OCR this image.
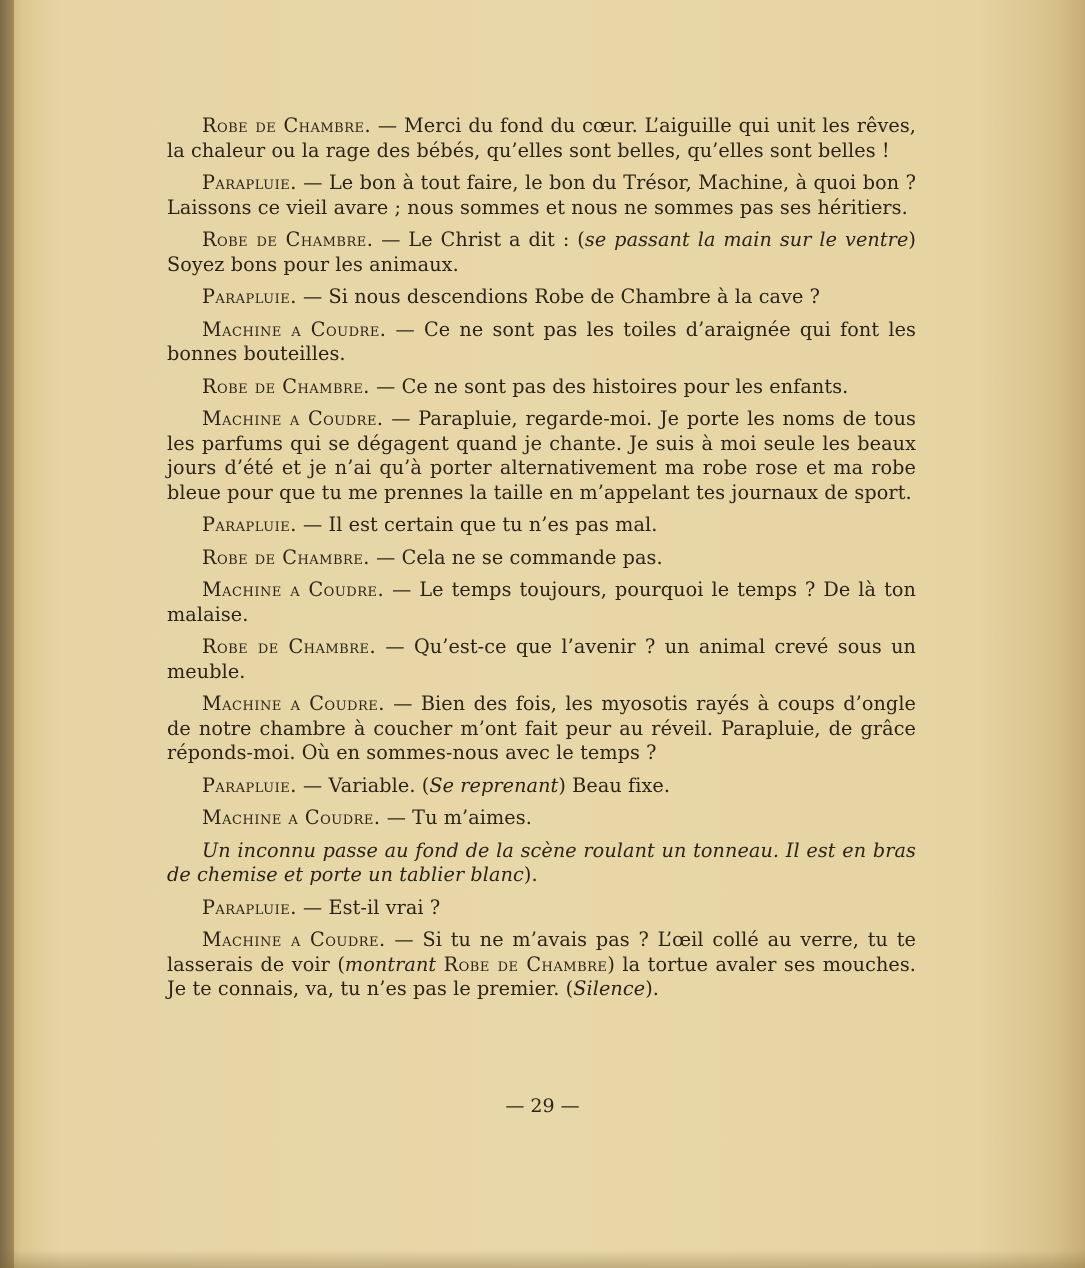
Robe de Chambre. — Merci du fond du cœur. L’aiguille qui unit les rêves, la chaleur ou la rage des bébés, qu’elles sont belles, qu’elles sont belles !

Parapluie. — Le bon à tout faire, le bon du Trésor, Machine, à quoi bon ? Laissons ce vieil avare ; nous sommes et nous ne sommes pas ses héritiers.

Robe de Chambre. — Le Christ a dit : (se passant la main sur le ventre) Soyez bons pour les animaux.

Parapluie. — Si nous descendions Robe de Chambre à la cave ?

Machine a Coudre. — Ce ne sont pas les toiles d’araignée qui font les bonnes bouteilles.

Robe de Chambre. — Ce ne sont pas des histoires pour les enfants.

Machine a Coudre. — Parapluie, regarde-moi. Je porte les noms de tous les parfums qui se dégagent quand je chante. Je suis à moi seule les beaux jours d’été et je n’ai qu’à porter alternativement ma robe rose et ma robe bleue pour que tu me prennes la taille en m’appelant tes journaux de sport.

Parapluie. — Il est certain que tu n’es pas mal.

Robe de Chambre. — Cela ne se commande pas.

Machine a Coudre. — Le temps toujours, pourquoi le temps ? De là ton malaise.

Robe de Chambre. — Qu’est-ce que l’avenir ? un animal crevé sous un meuble.

Machine a Coudre. — Bien des fois, les myosotis rayés à coups d’ongle de notre chambre à coucher m’ont fait peur au réveil. Parapluie, de grâce réponds-moi. Où en sommes-nous avec le temps ?

Parapluie. — Variable. (Se reprenant) Beau fixe.

Machine a Coudre. — Tu m’aimes.

Un inconnu passe au fond de la scène roulant un tonneau. Il est en bras de chemise et porte un tablier blanc).

Parapluie. — Est-il vrai ?

Machine a Coudre. — Si tu ne m’avais pas ? L’œil collé au verre, tu te lasserais de voir (montrant Robe de Chambre) la tortue avaler ses mouches. Je te connais, va, tu n’es pas le premier. (Silence).

— 29 —
